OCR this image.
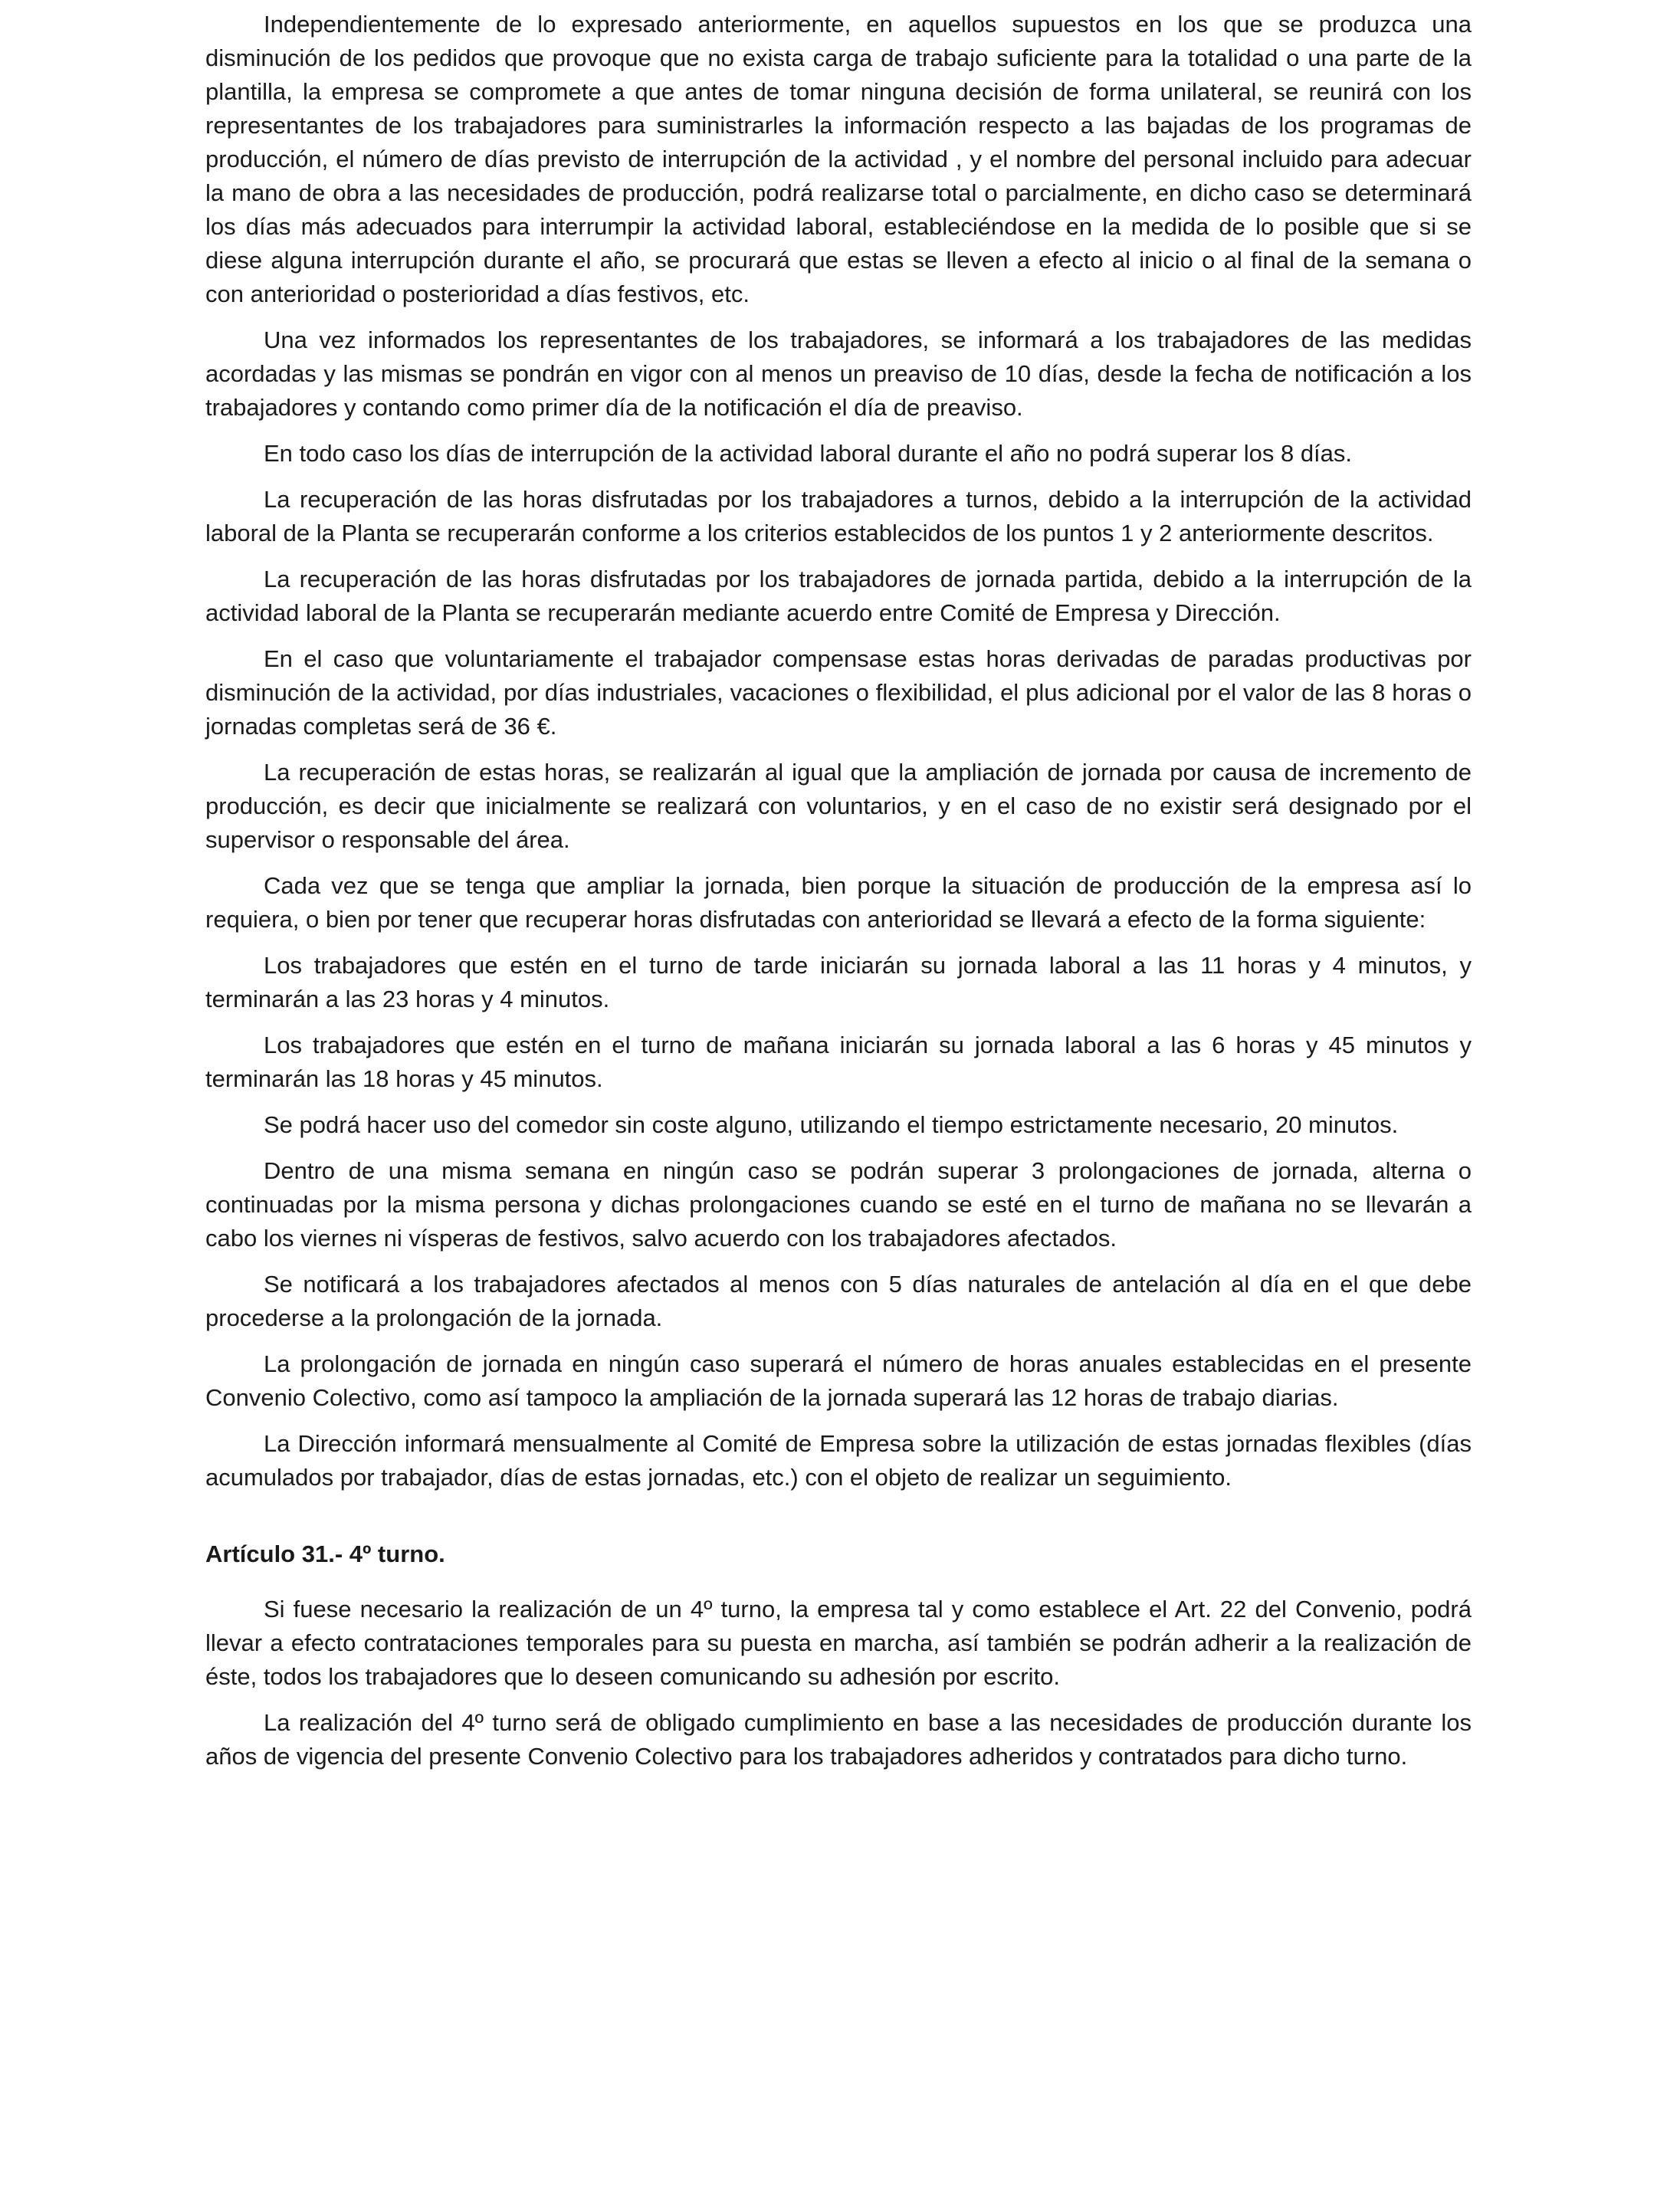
Independientemente de lo expresado anteriormente, en aquellos supuestos en los que se produzca una disminución de los pedidos que provoque que no exista carga de trabajo suficiente para la totalidad o una parte de la plantilla, la empresa se compromete a que antes de tomar ninguna decisión de forma unilateral, se reunirá con los representantes de los trabajadores para suministrarles la información respecto a las bajadas de los programas de producción, el número de días previsto de interrupción de la actividad , y el nombre del personal incluido para adecuar la mano de obra a las necesidades de producción, podrá realizarse total o parcialmente, en dicho caso se determinará los días más adecuados para interrumpir la actividad laboral, estableciéndose en la medida de lo posible que si se diese alguna interrupción durante el año, se procurará que estas se lleven a efecto al inicio o al final de la semana o con anterioridad o posterioridad a días festivos, etc.

Una vez informados los representantes de los trabajadores, se informará a los trabajadores de las medidas acordadas y las mismas se pondrán en vigor con al menos un preaviso de 10 días, desde la fecha de notificación a los trabajadores y contando como primer día de la notificación el día de preaviso.

En todo caso los días de interrupción de la actividad laboral durante el año no podrá superar los 8 días.

La recuperación de las horas disfrutadas por los trabajadores a turnos, debido a la interrupción de la actividad laboral de la Planta se recuperarán conforme a los criterios establecidos de los puntos 1 y 2 anteriormente descritos.

La recuperación de las horas disfrutadas por los trabajadores de jornada partida, debido a la interrupción de la actividad laboral de la Planta se recuperarán mediante acuerdo entre Comité de Empresa y Dirección.

En el caso que voluntariamente el trabajador compensase estas horas derivadas de paradas productivas por disminución de la actividad, por días industriales, vacaciones o flexibilidad, el plus adicional por el valor de las 8 horas o jornadas completas será de 36 €.

La recuperación de estas horas, se realizarán al igual que la ampliación de jornada por causa de incremento de producción, es decir que inicialmente se realizará con voluntarios, y en el caso de no existir será designado por el supervisor o responsable del área.

Cada vez que se tenga que ampliar la jornada, bien porque la situación de producción de la empresa así lo requiera, o bien por tener que recuperar horas disfrutadas con anterioridad se llevará a efecto de la forma siguiente:

Los trabajadores que estén en el turno de tarde iniciarán su jornada laboral a las 11 horas y 4 minutos, y terminarán a las 23 horas y 4 minutos.

Los trabajadores que estén en el turno de mañana iniciarán su jornada laboral a las 6 horas y 45 minutos y terminarán las 18 horas y 45 minutos.

Se podrá hacer uso del comedor sin coste alguno, utilizando el tiempo estrictamente necesario, 20 minutos.

Dentro de una misma semana en ningún caso se podrán superar 3 prolongaciones de jornada, alterna o continuadas por la misma persona y dichas prolongaciones cuando se esté en el turno de mañana no se llevarán a cabo los viernes ni vísperas de festivos, salvo acuerdo con los trabajadores afectados.

Se notificará a los trabajadores afectados al menos con 5 días naturales de antelación al día en el que debe procederse a la prolongación de la jornada.

La prolongación de jornada en ningún caso superará el número de horas anuales establecidas en el presente Convenio Colectivo, como así tampoco la ampliación de la jornada superará las 12 horas de trabajo diarias.

La Dirección informará mensualmente al Comité de Empresa sobre la utilización de estas jornadas flexibles (días acumulados por trabajador, días de estas jornadas, etc.) con el objeto de realizar un seguimiento.

Artículo 31.- 4º turno.

Si fuese necesario la realización de un 4º turno, la empresa tal y como establece el Art. 22 del Convenio, podrá llevar a efecto contrataciones temporales para su puesta en marcha, así también se podrán adherir a la realización de éste, todos los trabajadores que lo deseen comunicando su adhesión por escrito.

La realización del 4º turno será de obligado cumplimiento en base a las necesidades de producción durante los años de vigencia del presente Convenio Colectivo para los trabajadores adheridos y contratados para dicho turno.
